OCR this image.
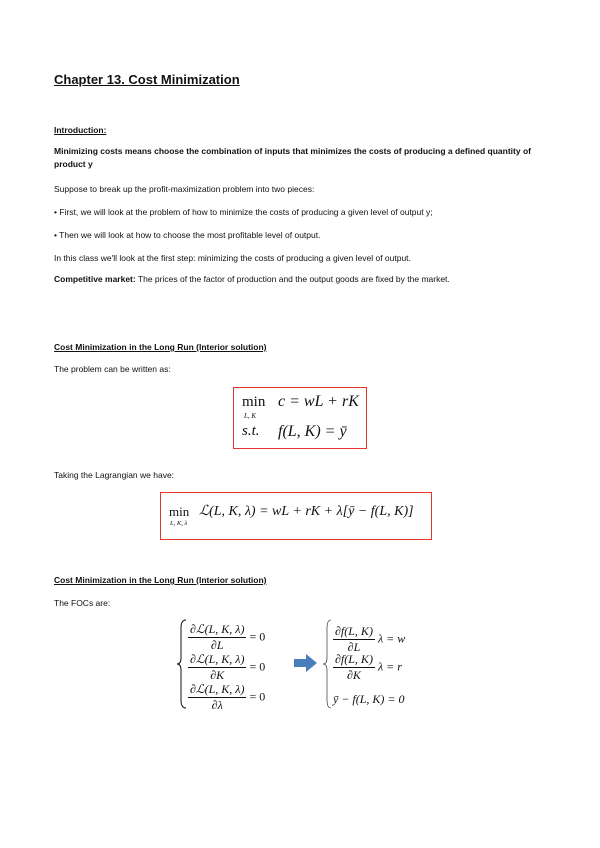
Chapter 13. Cost Minimization
Introduction:
Minimizing costs means choose the combination of inputs that minimizes the costs of producing a defined quantity of product y
Suppose to break up the profit-maximization problem into two pieces:
• First, we will look at the problem of how to minimize the costs of producing a given level of output y;
• Then we will look at how to choose the most profitable level of output.
In this class we'll look at the first step: minimizing the costs of producing a given level of output.
Competitive market: The prices of the factor of production and the output goods are fixed by the market.
Cost Minimization in the Long Run (Interior solution)
The problem can be written as:
min
L, K
c = wL + rK
s.t. f(L, K) = ȳ
Taking the Lagrangian we have:
min
L, K, λ
ℒ(L, K, λ) = wL + rK + λ[ȳ − f(L, K)]
Cost Minimization in the Long Run (Interior solution)
The FOCs are:
$\frac{\text{∂ℒ(L, K, λ)}}{\partial L} = 0$
$\frac{\text{∂ℒ(L, K, λ)}}{\partial K} = 0$
$\frac{\text{∂ℒ(L, K, λ)}}{\partial\lambda} = 0$
$\frac{\partial f(L, K)}{\partial L}$ λ = w
$\frac{\partial f(L, K)}{\partial K}$ λ = r
ȳ − f(L, K) = 0
